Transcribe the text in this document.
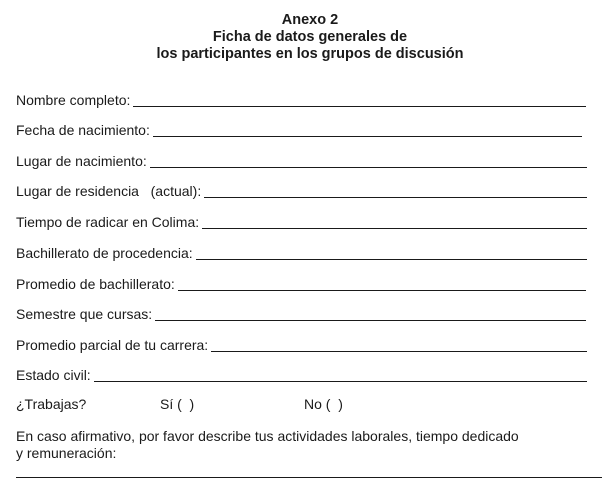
Anexo 2
Ficha de datos generales de
los participantes en los grupos de discusión
Nombre completo:
Fecha de nacimiento:
Lugar de nacimiento:
Lugar de residencia   (actual):
Tiempo de radicar en Colima:
Bachillerato de procedencia:
Promedio de bachillerato:
Semestre que cursas:
Promedio parcial de tu carrera:
Estado civil:
¿Trabajas?	Sí (  )	No (  )
En caso afirmativo, por favor describe tus actividades laborales, tiempo dedicado
y remuneración:
